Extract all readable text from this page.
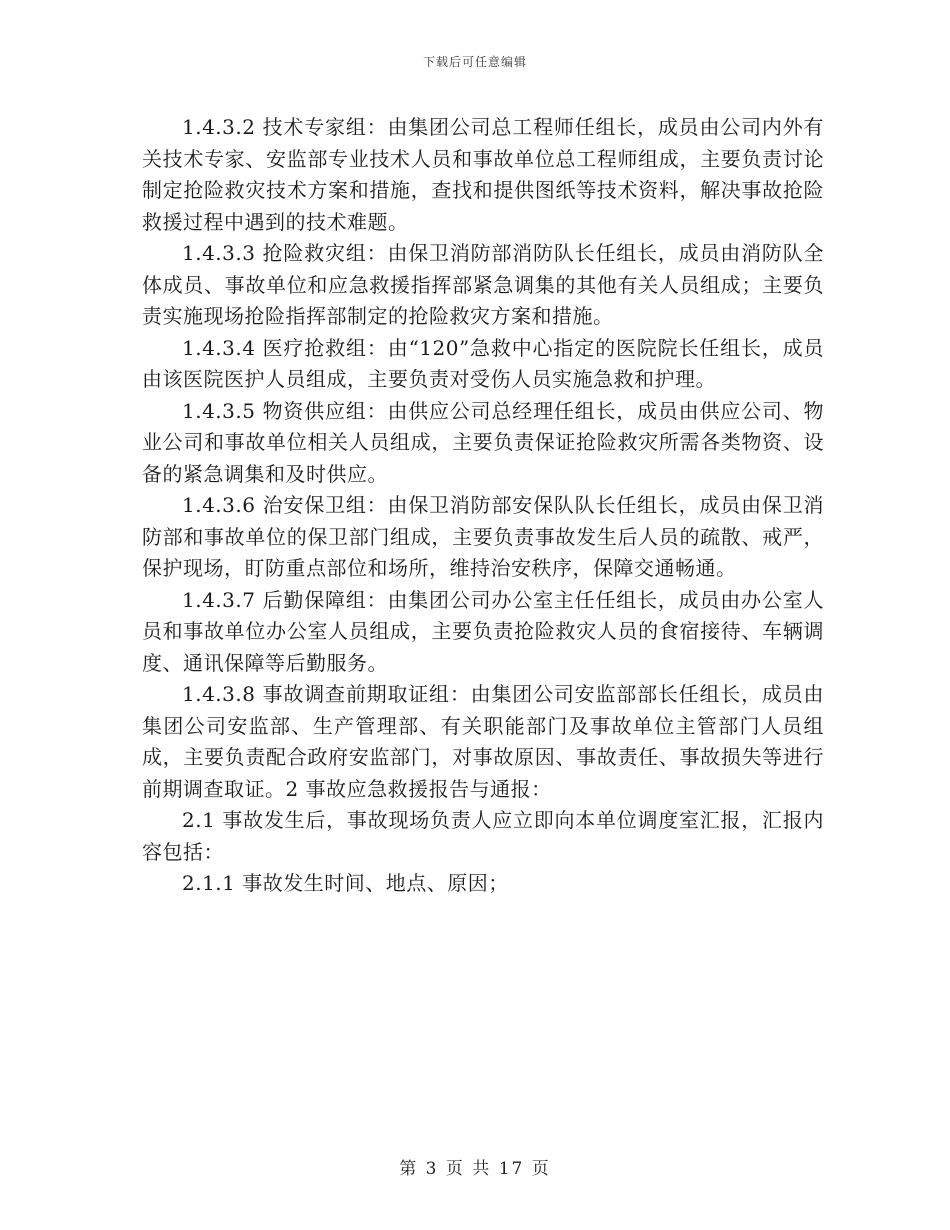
下载后可任意编辑

1.4.3.2 技术专家组：由集团公司总工程师任组长，成员由公司内外有关技术专家、安监部专业技术人员和事故单位总工程师组成，主要负责讨论制定抢险救灾技术方案和措施，查找和提供图纸等技术资料，解决事故抢险救援过程中遇到的技术难题。

1.4.3.3 抢险救灾组：由保卫消防部消防队长任组长，成员由消防队全体成员、事故单位和应急救援指挥部紧急调集的其他有关人员组成；主要负责实施现场抢险指挥部制定的抢险救灾方案和措施。

1.4.3.4 医疗抢救组：由“120”急救中心指定的医院院长任组长，成员由该医院医护人员组成，主要负责对受伤人员实施急救和护理。

1.4.3.5 物资供应组：由供应公司总经理任组长，成员由供应公司、物业公司和事故单位相关人员组成，主要负责保证抢险救灾所需各类物资、设备的紧急调集和及时供应。

1.4.3.6 治安保卫组：由保卫消防部安保队队长任组长，成员由保卫消防部和事故单位的保卫部门组成，主要负责事故发生后人员的疏散、戒严，保护现场，盯防重点部位和场所，维持治安秩序，保障交通畅通。

1.4.3.7 后勤保障组：由集团公司办公室主任任组长，成员由办公室人员和事故单位办公室人员组成，主要负责抢险救灾人员的食宿接待、车辆调度、通讯保障等后勤服务。

1.4.3.8 事故调查前期取证组：由集团公司安监部部长任组长，成员由集团公司安监部、生产管理部、有关职能部门及事故单位主管部门人员组成，主要负责配合政府安监部门，对事故原因、事故责任、事故损失等进行前期调查取证。2 事故应急救援报告与通报：

2.1 事故发生后，事故现场负责人应立即向本单位调度室汇报，汇报内容包括：

2.1.1 事故发生时间、地点、原因；

第 3 页 共 17 页
